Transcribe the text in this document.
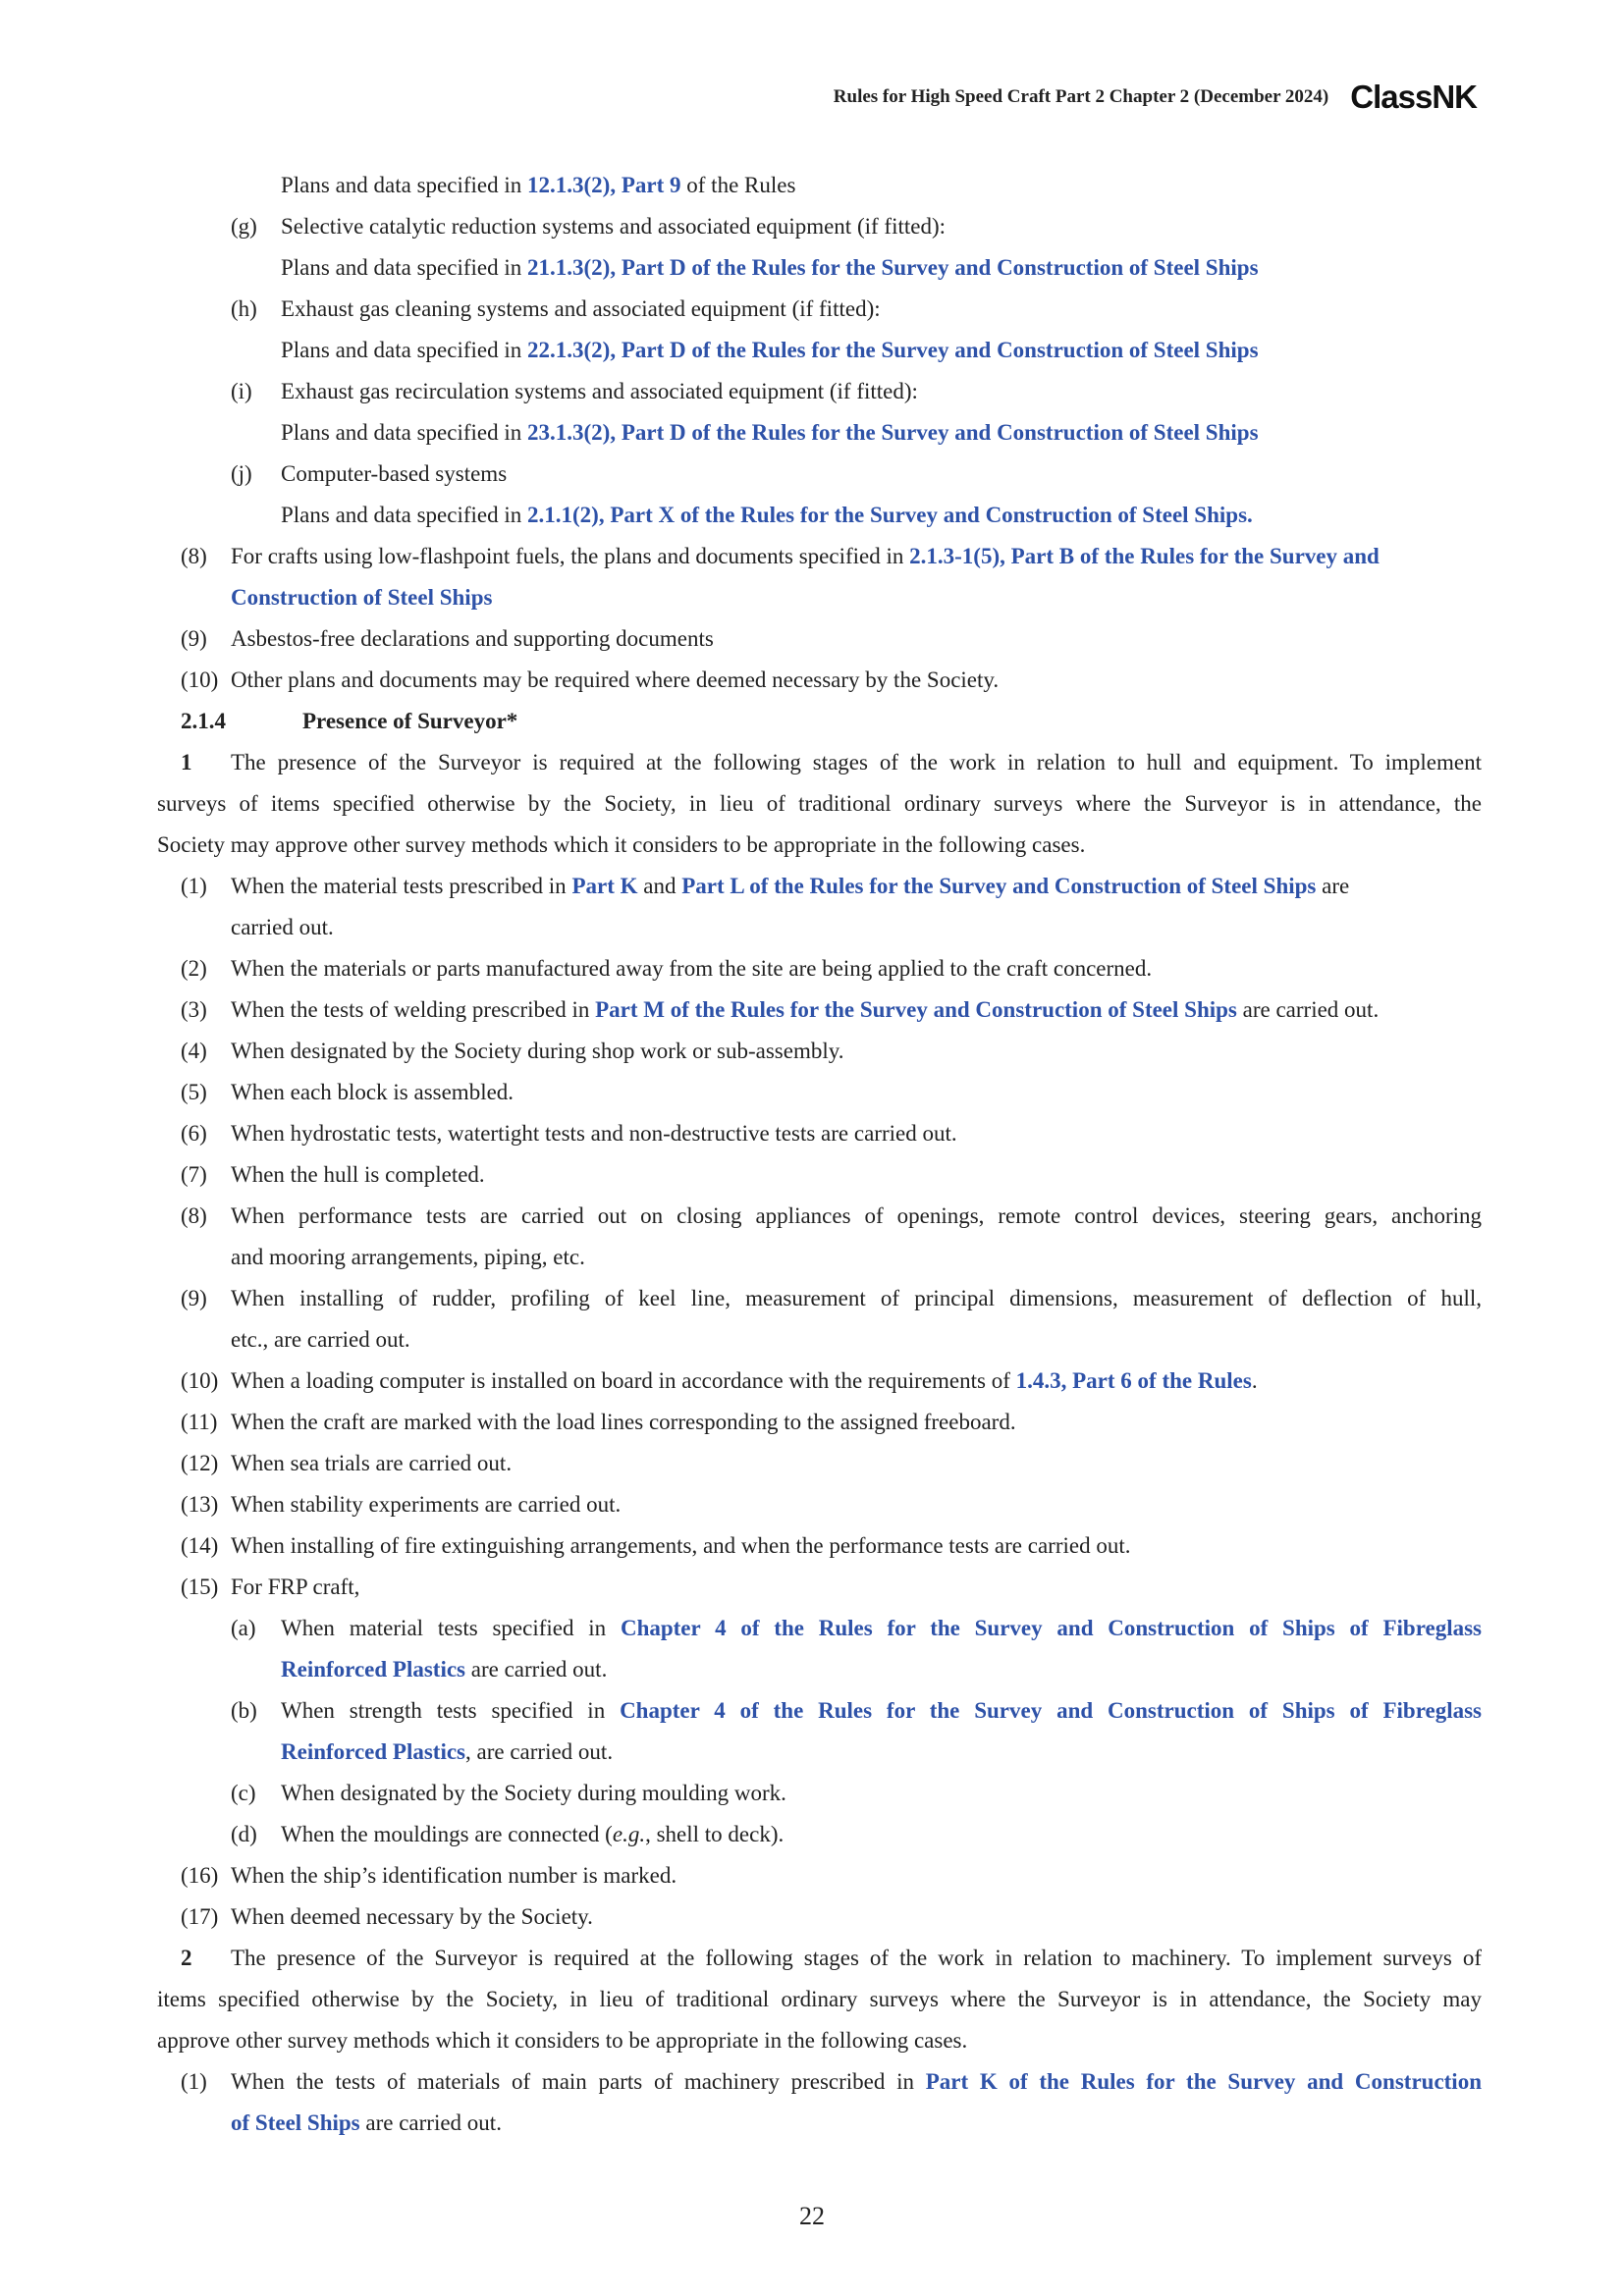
Rules for High Speed Craft Part 2 Chapter 2 (December 2024) ClassNK
Plans and data specified in 12.1.3(2), Part 9 of the Rules
(g) Selective catalytic reduction systems and associated equipment (if fitted):
Plans and data specified in 21.1.3(2), Part D of the Rules for the Survey and Construction of Steel Ships
(h) Exhaust gas cleaning systems and associated equipment (if fitted):
Plans and data specified in 22.1.3(2), Part D of the Rules for the Survey and Construction of Steel Ships
(i) Exhaust gas recirculation systems and associated equipment (if fitted):
Plans and data specified in 23.1.3(2), Part D of the Rules for the Survey and Construction of Steel Ships
(j) Computer-based systems
Plans and data specified in 2.1.1(2), Part X of the Rules for the Survey and Construction of Steel Ships.
(8) For crafts using low-flashpoint fuels, the plans and documents specified in 2.1.3-1(5), Part B of the Rules for the Survey and
Construction of Steel Ships
(9) Asbestos-free declarations and supporting documents
(10) Other plans and documents may be required where deemed necessary by the Society.
2.1.4	Presence of Surveyor*
1 The presence of the Surveyor is required at the following stages of the work in relation to hull and equipment. To implement
surveys of items specified otherwise by the Society, in lieu of traditional ordinary surveys where the Surveyor is in attendance, the
Society may approve other survey methods which it considers to be appropriate in the following cases.
(1) When the material tests prescribed in Part K and Part L of the Rules for the Survey and Construction of Steel Ships are
carried out.
(2) When the materials or parts manufactured away from the site are being applied to the craft concerned.
(3) When the tests of welding prescribed in Part M of the Rules for the Survey and Construction of Steel Ships are carried out.
(4) When designated by the Society during shop work or sub-assembly.
(5) When each block is assembled.
(6) When hydrostatic tests, watertight tests and non-destructive tests are carried out.
(7) When the hull is completed.
(8) When performance tests are carried out on closing appliances of openings, remote control devices, steering gears, anchoring
and mooring arrangements, piping, etc.
(9) When installing of rudder, profiling of keel line, measurement of principal dimensions, measurement of deflection of hull,
etc., are carried out.
(10) When a loading computer is installed on board in accordance with the requirements of 1.4.3, Part 6 of the Rules.
(11) When the craft are marked with the load lines corresponding to the assigned freeboard.
(12) When sea trials are carried out.
(13) When stability experiments are carried out.
(14) When installing of fire extinguishing arrangements, and when the performance tests are carried out.
(15) For FRP craft,
(a) When material tests specified in Chapter 4 of the Rules for the Survey and Construction of Ships of Fibreglass
Reinforced Plastics are carried out.
(b) When strength tests specified in Chapter 4 of the Rules for the Survey and Construction of Ships of Fibreglass
Reinforced Plastics, are carried out.
(c) When designated by the Society during moulding work.
(d) When the mouldings are connected (e.g., shell to deck).
(16) When the ship’s identification number is marked.
(17) When deemed necessary by the Society.
2 The presence of the Surveyor is required at the following stages of the work in relation to machinery. To implement surveys of
items specified otherwise by the Society, in lieu of traditional ordinary surveys where the Surveyor is in attendance, the Society may
approve other survey methods which it considers to be appropriate in the following cases.
(1) When the tests of materials of main parts of machinery prescribed in Part K of the Rules for the Survey and Construction
of Steel Ships are carried out.
22
